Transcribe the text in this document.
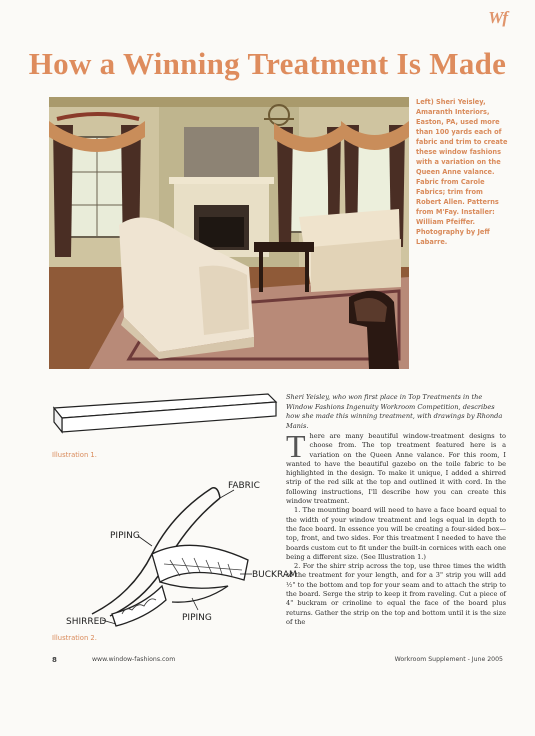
Wf
How a Winning Treatment Is Made
Left) Sheri Yeisley, Amaranth Interiors, Easton, PA, used more than 100 yards each of fabric and trim to create these window fashions with a variation on the Queen Anne valance. Fabric from Carole Fabrics; trim from Robert Allen. Patterns from M'Fay. Installer: William Pfeiffer. Photography by Jeff Labarre.
Illustration 1.
FABRIC
PIPING
BUCKRAM
SHIRRED	PIPING
Illustration 2.
Sheri Yeisley, who won first place in Top Treatments in the Window Fashions Ingenuity Workroom Competition, describes how she made this winning treatment, with drawings by Rhonda Manis.

There are many beautiful window-treatment designs to choose from. The top treatment featured here is a variation on the Queen Anne valance. For this room, I wanted to have the beautiful gazebo on the toile fabric to be highlighted in the design. To make it unique, I added a shirred strip of the red silk at the top and outlined it with cord. In the following instructions, I'll describe how you can create this window treatment.

1. The mounting board will need to have a face board equal to the width of your window treatment and legs equal in depth to the face board. In essence you will be creating a four-sided box—top, front, and two sides. For this treatment I needed to have the boards custom cut to fit under the built-in cornices with each one being a different size. (See Illustration 1.)

2. For the shirr strip across the top, use three times the width of the treatment for your length, and for a 3" strip you will add ½" to the bottom and top for your seam and to attach the strip to the board. Serge the strip to keep it from raveling. Cut a piece of 4" buckram or crinoline to equal the face of the board plus returns. Gather the strip on the top and bottom until it is the size of the

8	www.window-fashions.com	Workroom Supplement - June 2005
